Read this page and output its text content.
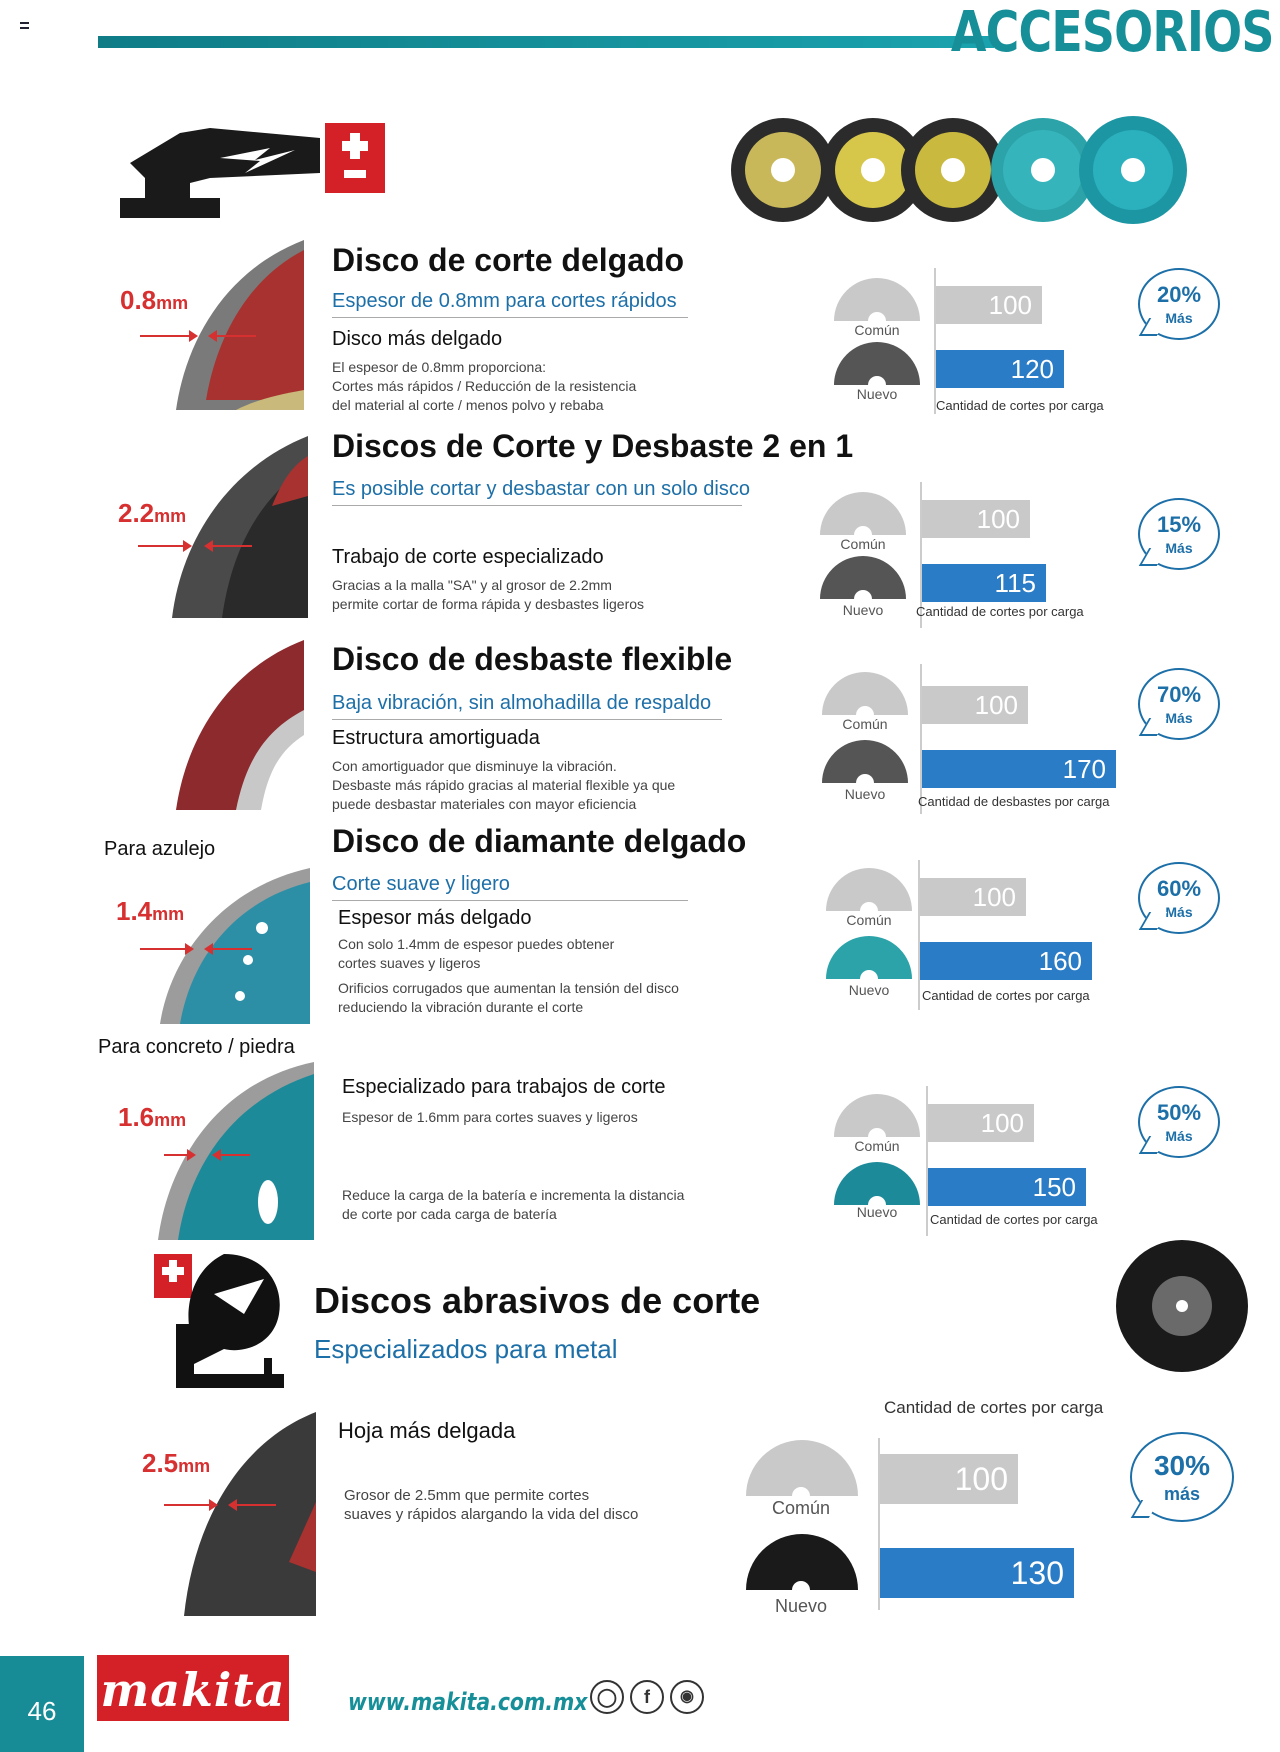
ACCESORIOS
0.8mm
Disco de corte delgado
Espesor de 0.8mm para cortes rápidos
Disco más delgado
El espesor de 0.8mm proporciona:
Cortes más rápidos / Reducción de la resistencia
del material al corte / menos polvo y rebaba
Común
Nuevo
100
120
Cantidad de cortes por carga
20%
Más
2.2mm
Discos de Corte y Desbaste 2 en 1
Es posible cortar y desbastar con un solo disco
Trabajo de corte especializado
Gracias a la malla "SA" y al grosor de 2.2mm
permite cortar de forma rápida y desbastes ligeros
Común
Nuevo
100
115
Cantidad de cortes por carga
15%
Más
Disco de desbaste flexible
Baja vibración, sin almohadilla de respaldo
Estructura amortiguada
Con amortiguador que disminuye la vibración.
Desbaste más rápido gracias al material flexible ya que
puede desbastar materiales con mayor eficiencia
Común
Nuevo
100
170
Cantidad de desbastes por carga
70%
Más
Para azulejo
1.4mm
Disco de diamante delgado
Corte suave y ligero
Espesor más delgado
Con solo 1.4mm de espesor puedes obtener
cortes suaves y ligeros
Orificios corrugados que aumentan la tensión del disco
reduciendo la vibración durante el corte
Común
Nuevo
100
160
Cantidad de cortes por carga
60%
Más
Para concreto / piedra
1.6mm
Especializado para trabajos de corte
Espesor de 1.6mm para cortes suaves y ligeros
Reduce la carga de la batería e incrementa la distancia
de corte por cada carga de batería
Común
Nuevo
100
150
Cantidad de cortes por carga
50%
Más
Discos abrasivos de corte
Especializados para metal
2.5mm
Hoja más delgada
Grosor de 2.5mm que permite cortes
suaves y rápidos alargando la vida del disco
Cantidad de cortes por carga
Común
Nuevo
100
130
30%
más
46 makita	www.makita.com.mx ◯	f	◉
